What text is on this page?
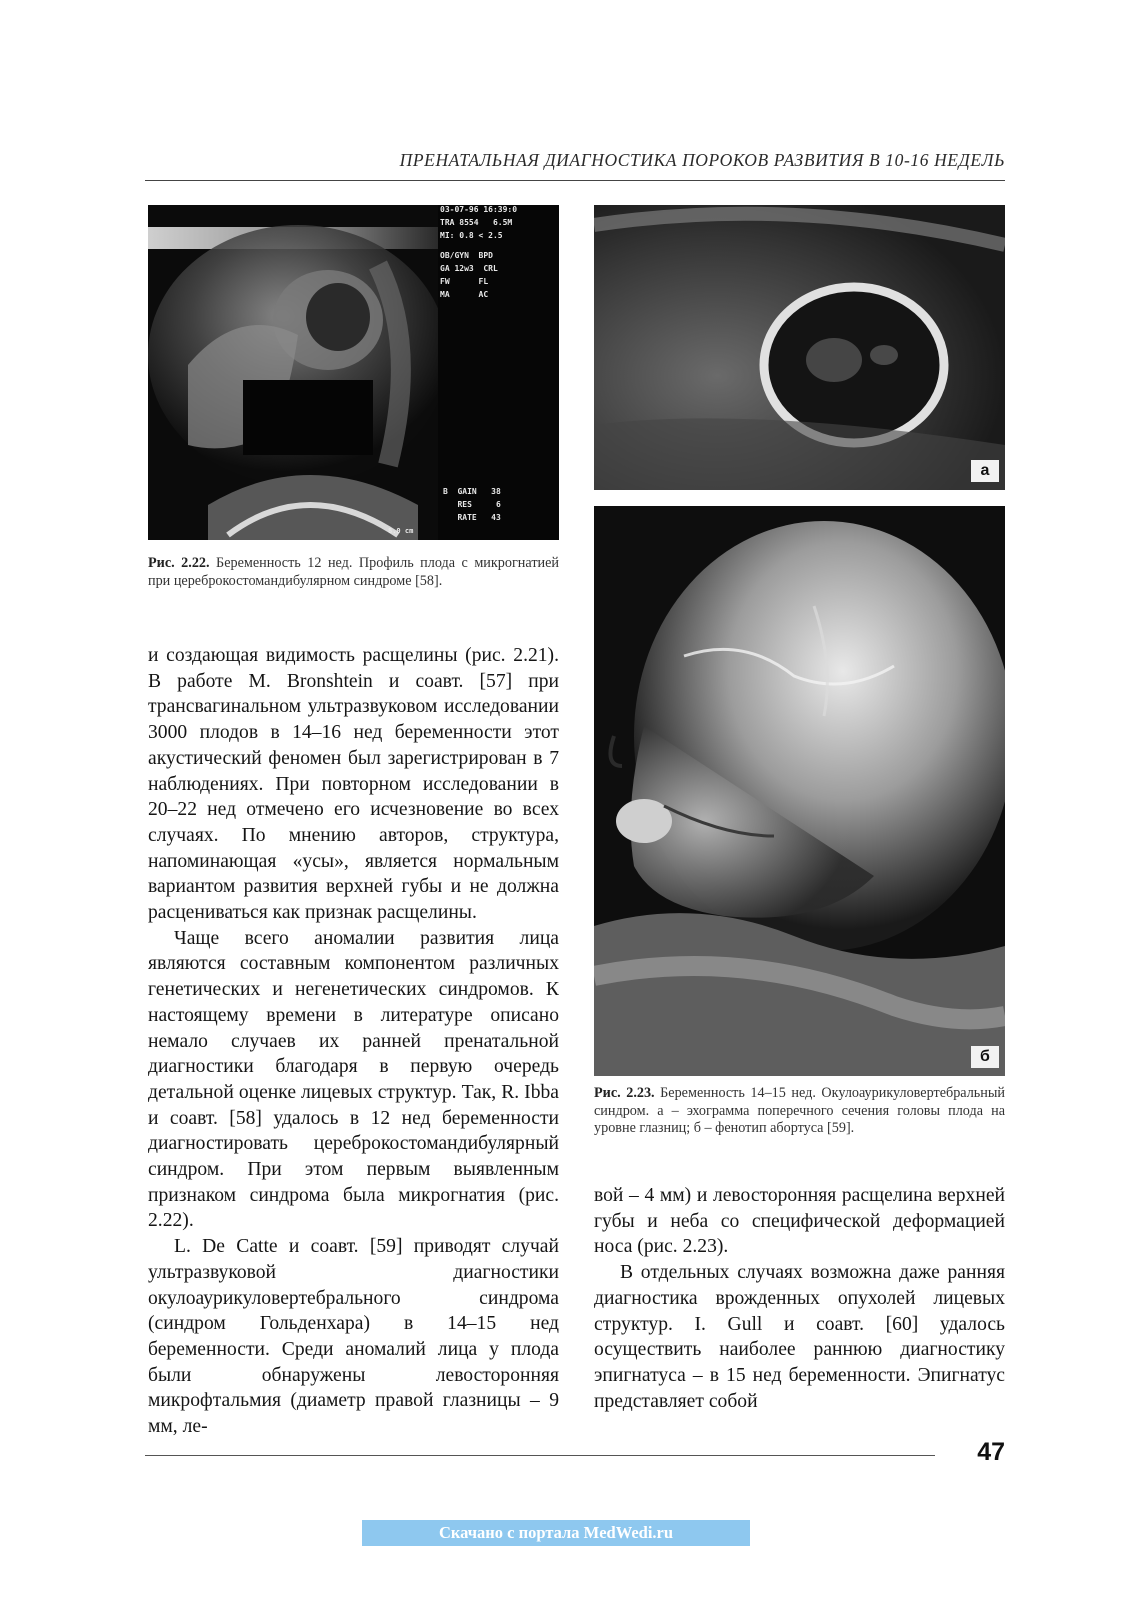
ПРЕНАТАЛЬНАЯ ДИАГНОСТИКА ПОРОКОВ РАЗВИТИЯ В 10-16 НЕДЕЛЬ
03-07-96 16:39:0
TRA 8554   6.5M
MI: 0.8 < 2.5
OB/GYN  BPD
GA 12w3  CRL
FW      FL
MA      AC
B  GAIN   38
RES     6
RATE   43
8.0 cm
Рис. 2.22. Беременность 12 нед. Профиль плода с микрогнатией при цереброкостомандибулярном синдроме [58].
а
б
Рис. 2.23. Беременность 14–15 нед. Окулоаурикуловертебральный синдром. а – эхограмма поперечного сечения головы плода на уровне глазниц; б – фенотип абортуса [59].

и создающая видимость расщелины (рис. 2.21). В работе M. Bronshtein и соавт. [57] при трансвагинальном ультразвуковом исследовании 3000 плодов в 14–16 нед беременности этот акустический феномен был зарегистрирован в 7 наблюдениях. При повторном исследовании в 20–22 нед отмечено его исчезновение во всех случаях. По мнению авторов, структура, напоминающая «усы», является нормальным вариантом развития верхней губы и не должна расцениваться как признак расщелины.

Чаще всего аномалии развития лица являются составным компонентом различных генетических и негенетических синдромов. К настоящему времени в литературе описано немало случаев их ранней пренатальной диагностики благодаря в первую очередь детальной оценке лицевых структур. Так, R. Ibba и соавт. [58] удалось в 12 нед беременности диагностировать цереброкостомандибулярный синдром. При этом первым выявленным признаком синдрома была микрогнатия (рис. 2.22).

L. De Catte и соавт. [59] приводят случай ультразвуковой диагностики окулоаурикуловертебрального синдрома (синдром Гольденхара) в 14–15 нед беременности. Среди аномалий лица у плода были обнаружены левосторонняя микрофтальмия (диаметр правой глазницы – 9 мм, ле-

вой – 4 мм) и левосторонняя расщелина верхней губы и неба со специфической деформацией носа (рис. 2.23).

В отдельных случаях возможна даже ранняя диагностика врожденных опухолей лицевых структур. I. Gull и соавт. [60] удалось осуществить наиболее раннюю диагностику эпигнатуса – в 15 нед беременности. Эпигнатус представляет собой

47
Скачано с портала MedWedi.ru
